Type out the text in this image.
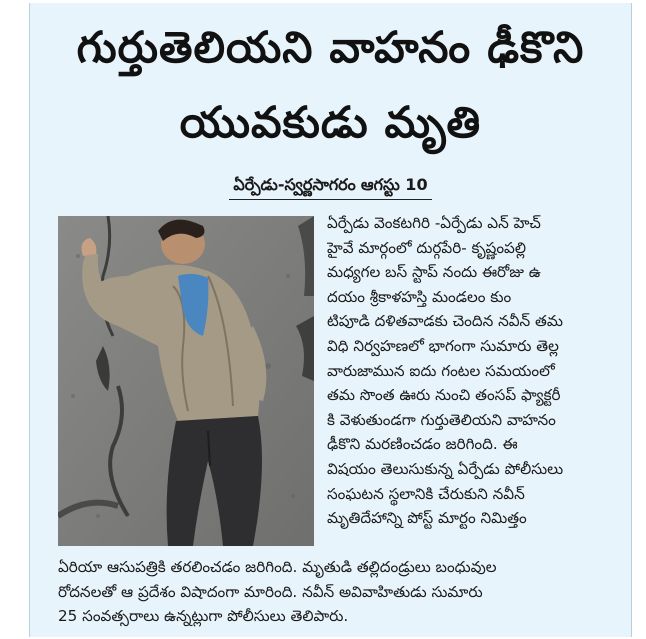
గుర్తుతెలియని వాహనం ఢీకొని
యువకుడు మృతి
ఏర్పేడు-స్వర్ణసాగరం ఆగస్టు 10
ఏర్పేడు వెంకటగిరి -ఏర్పేడు ఎన్ హెచ్
హైవే మార్గంలో దుర్గపేరి- కృష్ణంపల్లి
మధ్యగల బస్ స్టాప్ నందు ఈరోజు ఉ
దయం శ్రీకాళహస్తి మండలం కుం
టిపూడి దళితవాడకు చెందిన నవీన్ తమ
విధి నిర్వహణలో భాగంగా సుమారు తెల్ల
వారుజామున ఐదు గంటల సమయంలో
తమ సొంత ఊరు నుంచి తంసప్ ఫ్యాక్టరీ
కి వెళుతుండగా గుర్తుతెలియని వాహనం
ఢీకొని మరణించడం జరిగింది. ఈ
విషయం తెలుసుకున్న ఏర్పేడు పోలీసులు
సంఘటన స్థలానికి చేరుకుని నవీన్
మృతిదేహాన్ని పోస్ట్ మార్టం నిమిత్తం
ఏరియా ఆసుపత్రికి తరలించడం జరిగింది. మృతుడి తల్లిదండ్రులు బంధువుల
రోదనలతో ఆ ప్రదేశం విషాదంగా మారింది. నవీన్ అవివాహితుడు సుమారు
25 సంవత్సరాలు ఉన్నట్లుగా పోలీసులు తెలిపారు.
